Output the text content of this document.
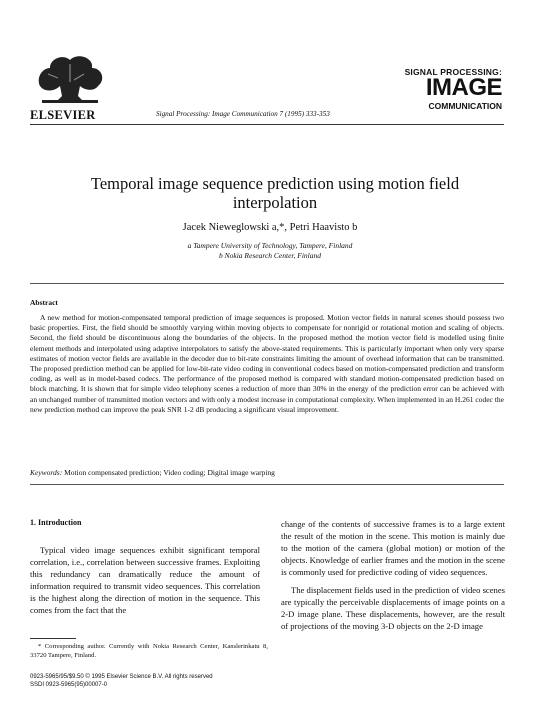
ELSEVIER	Signal Processing: Image Communication 7 (1995) 333-353
SIGNAL PROCESSING:
IMAGE
COMMUNICATION
Temporal image sequence prediction using motion field interpolation
Jacek Nieweglowski a,*, Petri Haavisto b
a Tampere University of Technology, Tampere, Finland
b Nokia Research Center, Finland
Abstract
A new method for motion-compensated temporal prediction of image sequences is proposed. Motion vector fields in natural scenes should possess two basic properties. First, the field should be smoothly varying within moving objects to compensate for nonrigid or rotational motion and scaling of objects. Second, the field should be discontinuous along the boundaries of the objects. In the proposed method the motion vector field is modelled using finite element methods and interpolated using adaptive interpolators to satisfy the above-stated requirements. This is particularly important when only very sparse estimates of motion vector fields are available in the decoder due to bit-rate constraints limiting the amount of overhead information that can be transmitted. The proposed prediction method can be applied for low-bit-rate video coding in conventional codecs based on motion-compensated prediction and transform coding, as well as in model-based codecs. The performance of the proposed method is compared with standard motion-compensated prediction based on block matching. It is shown that for simple video telephony scenes a reduction of more than 30% in the energy of the prediction error can be achieved with an unchanged number of transmitted motion vectors and with only a modest increase in computational complexity. When implemented in an H.261 codec the new prediction method can improve the peak SNR 1-2 dB producing a significant visual improvement.
Keywords: Motion compensated prediction; Video coding; Digital image warping
1. Introduction
Typical video image sequences exhibit significant temporal correlation, i.e., correlation between successive frames. Exploiting this redundancy can dramatically reduce the amount of information required to transmit video sequences. This correlation is the highest along the direction of motion in the sequence. This comes from the fact that the
* Corresponding author. Currently with Nokia Research Center, Kanslerinkatu 8, 33720 Tampere, Finland.
0923-5965/95/$9.50 © 1995 Elsevier Science B.V. All rights reserved
SSDI 0923-5965(95)00007-0

change of the contents of successive frames is to a large extent the result of the motion in the scene. This motion is mainly due to the motion of the camera (global motion) or motion of the objects. Knowledge of earlier frames and the motion in the scene is commonly used for predictive coding of video sequences.

The displacement fields used in the prediction of video scenes are typically the perceivable displacements of image points on a 2-D image plane. These displacements, however, are the result of projections of the moving 3-D objects on the 2-D image
